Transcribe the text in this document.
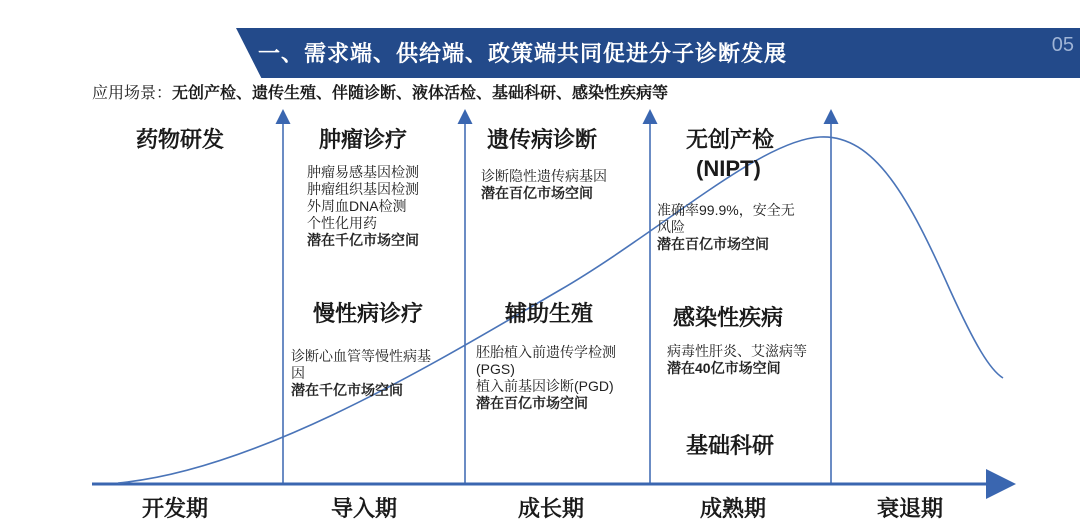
一、需求端、供给端、政策端共同促进分子诊断发展	05
应用场景：无创产检、遗传生殖、伴随诊断、液体活检、基础科研、感染性疾病等
开发期	导入期	成长期	成熟期	衰退期
药物研发	肿瘤诊疗
肿瘤易感基因检测
肿瘤组织基因检测
外周血DNA检测
个性化用药
潜在千亿市场空间
慢性病诊疗
诊断心血管等慢性病基
因
潜在千亿市场空间
遗传病诊断
诊断隐性遗传病基因
潜在百亿市场空间
辅助生殖
胚胎植入前遗传学检测
(PGS)
植入前基因诊断(PGD)
潜在百亿市场空间
无创产检
(NIPT)
准确率99.9%，安全无
风险
潜在百亿市场空间
感染性疾病
病毒性肝炎、艾滋病等
潜在40亿市场空间
基础科研
